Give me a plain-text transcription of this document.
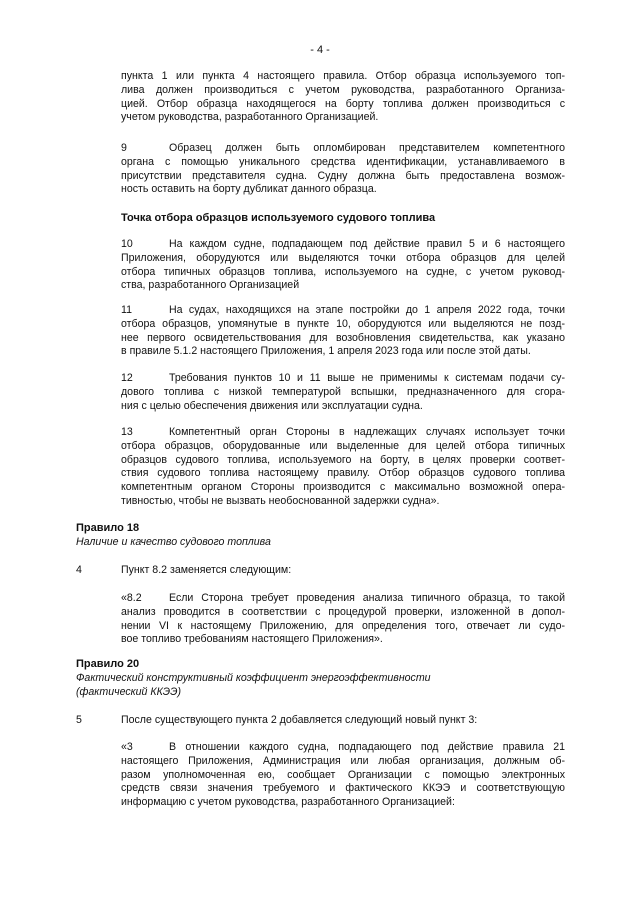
- 4 -
пункта 1 или пункта 4 настоящего правила. Отбор образца используемого топ-
лива должен производиться с учетом руководства, разработанного Организа-
цией. Отбор образца находящегося на борту топлива должен производиться с
учетом руководства, разработанного Организацией.
9	Образец должен быть опломбирован представителем компетентного
органа с помощью уникального средства идентификации, устанавливаемого в
присутствии представителя судна. Судну должна быть предоставлена возмож-
ность оставить на борту дубликат данного образца.
Точка отбора образцов используемого судового топлива
10	На каждом судне, подпадающем под действие правил 5 и 6 настоящего
Приложения, оборудуются или выделяются точки отбора образцов для целей
отбора типичных образцов топлива, используемого на судне, с учетом руковод-
ства, разработанного Организацией
11	На судах, находящихся на этапе постройки до 1 апреля 2022 года, точки
отбора образцов, упомянутые в пункте 10, оборудуются или выделяются не позд-
нее первого освидетельствования для возобновления свидетельства, как указано
в правиле 5.1.2 настоящего Приложения, 1 апреля 2023 года или после этой даты.
12	Требования пунктов 10 и 11 выше не применимы к системам подачи су-
дового топлива с низкой температурой вспышки, предназначенного для сгора-
ния с целью обеспечения движения или эксплуатации судна.
13	Компетентный орган Стороны в надлежащих случаях использует точки
отбора образцов, оборудованные или выделенные для целей отбора типичных
образцов судового топлива, используемого на борту, в целях проверки соответ-
ствия судового топлива настоящему правилу. Отбор образцов судового топлива
компетентным органом Стороны производится с максимально возможной опера-
тивностью, чтобы не вызвать необоснованной задержки судна».
Правило 18
Наличие и качество судового топлива
4	Пункт 8.2 заменяется следующим:
«8.2	Если Сторона требует проведения анализа типичного образца, то такой
анализ проводится в соответствии с процедурой проверки, изложенной в допол-
нении VI к настоящему Приложению, для определения того, отвечает ли судо-
вое топливо требованиям настоящего Приложения».
Правило 20
Фактический конструктивный коэффициент энергоэффективности
(фактический ККЭЭ)
5	После существующего пункта 2 добавляется следующий новый пункт 3:
«3	В отношении каждого судна, подпадающего под действие правила 21
настоящего Приложения, Администрация или любая организация, должным об-
разом уполномоченная ею, сообщает Организации с помощью электронных
средств связи значения требуемого и фактического ККЭЭ и соответствующую
информацию с учетом руководства, разработанного Организацией:
